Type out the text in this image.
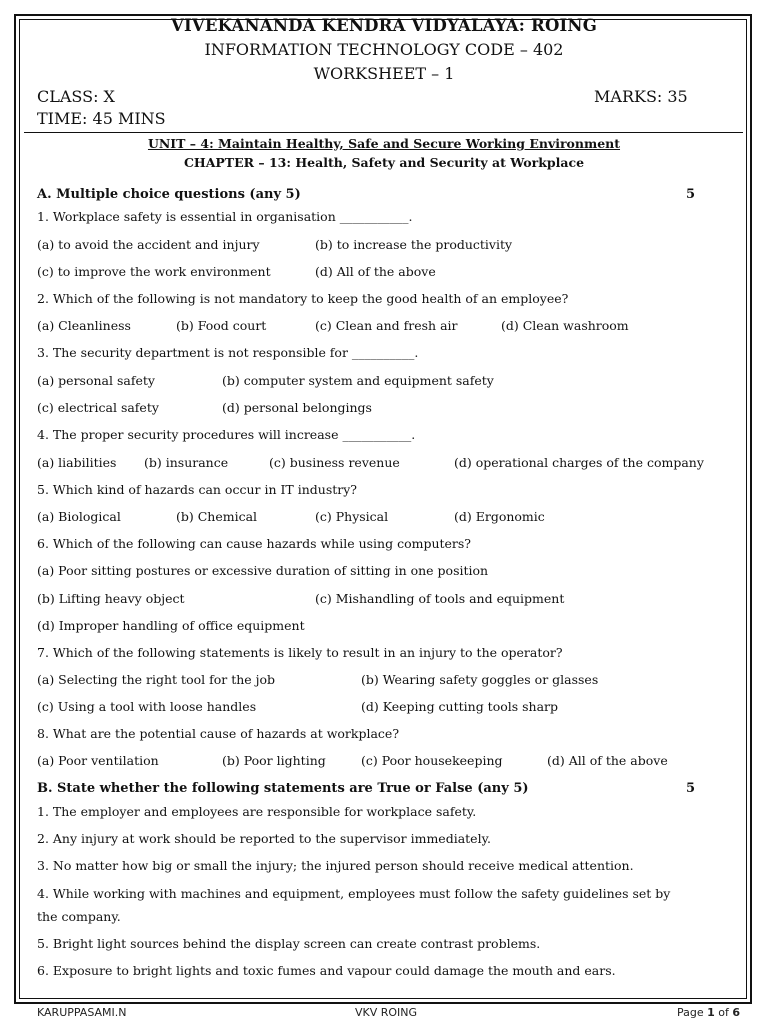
VIVEKANANDA KENDRA VIDYALAYA: ROING
INFORMATION TECHNOLOGY CODE – 402
WORKSHEET – 1
CLASS: X	MARKS: 35
TIME: 45 MINS
UNIT – 4: Maintain Healthy, Safe and Secure Working Environment
CHAPTER – 13: Health, Safety and Security at Workplace
A. Multiple choice questions (any 5)	5
1. Workplace safety is essential in organisation ___________.
(a) to avoid the accident and injury	(b) to increase the productivity
(c) to improve the work environment	(d) All of the above
2. Which of the following is not mandatory to keep the good health of an employee?
(a) Cleanliness	(b) Food court	(c) Clean and fresh air	(d) Clean washroom
3. The security department is not responsible for __________.
(a) personal safety	(b) computer system and equipment safety
(c) electrical safety	(d) personal belongings
4. The proper security procedures will increase ___________.
(a) liabilities (b) insurance	(c) business revenue	(d) operational charges of the company
5. Which kind of hazards can occur in IT industry?
(a) Biological	(b) Chemical	(c) Physical	(d) Ergonomic
6. Which of the following can cause hazards while using computers?
(a) Poor sitting postures or excessive duration of sitting in one position
(b) Lifting heavy object	(c) Mishandling of tools and equipment
(d) Improper handling of office equipment
7. Which of the following statements is likely to result in an injury to the operator?
(a) Selecting the right tool for the job	(b) Wearing safety goggles or glasses
(c) Using a tool with loose handles	(d) Keeping cutting tools sharp
8. What are the potential cause of hazards at workplace?
(a) Poor ventilation	(b) Poor lighting	(c) Poor housekeeping	(d) All of the above
B. State whether the following statements are True or False (any 5)	5
1. The employer and employees are responsible for workplace safety.
2. Any injury at work should be reported to the supervisor immediately.
3. No matter how big or small the injury; the injured person should receive medical attention.
4. While working with machines and equipment, employees must follow the safety guidelines set by
the company.
5. Bright light sources behind the display screen can create contrast problems.
6. Exposure to bright lights and toxic fumes and vapour could damage the mouth and ears.
KARUPPASAMI.N	VKV ROING	Page 1 of 6
